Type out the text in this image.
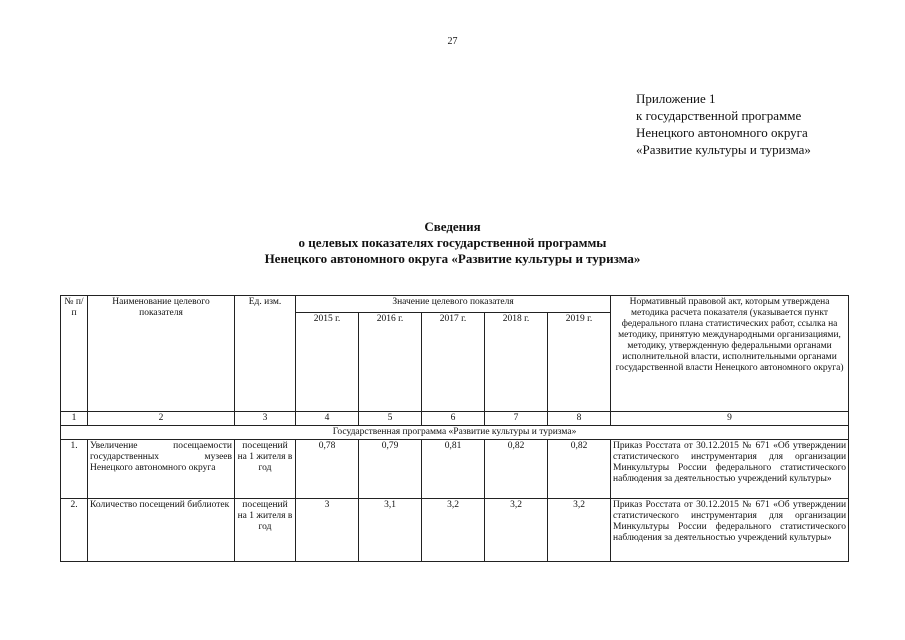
27
Приложение 1
к государственной программе
Ненецкого автономного округа
«Развитие культуры и туризма»
Сведения
о целевых показателях государственной программы
Ненецкого автономного округа «Развитие культуры и туризма»
№ п/п	Наименование целевого показателя	Ед. изм.	Значение целевого показателя					Нормативный правовой акт, которым утверждена методика расчета показателя (указывается пункт федерального плана статистических работ, ссылка на методику, принятую международными организациями, методику, утвержденную федеральными органами исполнительной власти, исполнительными органами государственной власти Ненецкого автономного округа)
			2015 г.	2016 г.	2017 г.	2018 г.	2019 г.	
1	2	3	4	5	6	7	8	9
Государственная программа «Развитие культуры и туризма»								
1.	Увеличение посещаемости государственных музеев Ненецкого автономного округа	посещений на 1 жителя в год	0,78	0,79	0,81	0,82	0,82	Приказ Росстата от 30.12.2015 № 671 «Об утверждении статистического инструментария для организации Минкультуры России федерального статистического наблюдения за деятельностью учреждений культуры»
2.	Количество посещений библиотек	посещений на 1 жителя в год	3	3,1	3,2	3,2	3,2	Приказ Росстата от 30.12.2015 № 671 «Об утверждении статистического инструментария для организации Минкультуры России федерального статистического наблюдения за деятельностью учреждений культуры»
